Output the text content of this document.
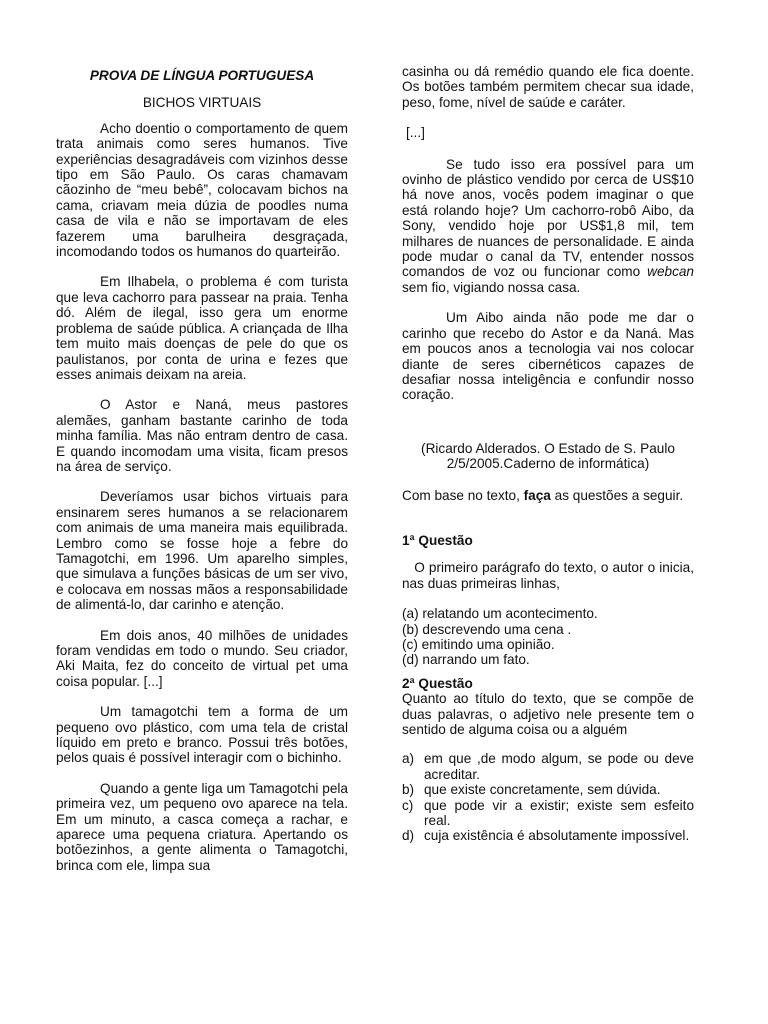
PROVA DE LÍNGUA PORTUGUESA
BICHOS VIRTUAIS

Acho doentio o comportamento de quem trata animais como seres humanos. Tive experiências desagradáveis com vizinhos desse tipo em São Paulo. Os caras chamavam cãozinho de “meu bebê”, colocavam bichos na cama, criavam meia dúzia de poodles numa casa de vila e não se importavam de eles fazerem uma barulheira desgraçada, incomodando todos os humanos do quarteirão.

Em Ilhabela, o problema é com turista que leva cachorro para passear na praia. Tenha dó. Além de ilegal, isso gera um enorme problema de saúde pública. A criançada de Ilha tem muito mais doenças de pele do que os paulistanos, por conta de urina e fezes que esses animais deixam na areia.

O Astor e Naná, meus pastores alemães, ganham bastante carinho de toda minha família. Mas não entram dentro de casa. E quando incomodam uma visita, ficam presos na área de serviço.

Deveríamos usar bichos virtuais para ensinarem seres humanos a se relacionarem com animais de uma maneira mais equilibrada. Lembro como se fosse hoje a febre do Tamagotchi, em 1996. Um aparelho simples, que simulava a funções básicas de um ser vivo, e colocava em nossas mãos a responsabilidade de alimentá-lo, dar carinho e atenção.

Em dois anos, 40 milhões de unidades foram vendidas em todo o mundo. Seu criador, Aki Maita, fez do conceito de virtual pet uma coisa popular. [...]

Um tamagotchi tem a forma de um pequeno ovo plástico, com uma tela de cristal líquido em preto e branco. Possui três botões, pelos quais é possível interagir com o bichinho.

Quando a gente liga um Tamagotchi pela primeira vez, um pequeno ovo aparece na tela. Em um minuto, a casca começa a rachar, e aparece uma pequena criatura. Apertando os botõezinhos, a gente alimenta o Tamagotchi, brinca com ele, limpa sua

casinha ou dá remédio quando ele fica doente. Os botões também permitem checar sua idade, peso, fome, nível de saúde e caráter.

[...]

Se tudo isso era possível para um ovinho de plástico vendido por cerca de US$10 há nove anos, vocês podem imaginar o que está rolando hoje? Um cachorro-robô Aibo, da Sony, vendido hoje por US$1,8 mil, tem milhares de nuances de personalidade. E ainda pode mudar o canal da TV, entender nossos comandos de voz ou funcionar como webcan sem fio, vigiando nossa casa.

Um Aibo ainda não pode me dar o carinho que recebo do Astor e da Naná. Mas em poucos anos a tecnologia vai nos colocar diante de seres cibernéticos capazes de desafiar nossa inteligência e confundir nosso coração.

(Ricardo Alderados. O Estado de S. Paulo 2/5/2005.Caderno de informática)

Com base no texto, faça as questões a seguir.

1ª Questão

O primeiro parágrafo do texto, o autor o inicia, nas duas primeiras linhas,

(a) relatando um acontecimento.
(b) descrevendo uma cena .
(c) emitindo uma opinião.
(d) narrando um fato.
2ª Questão

Quanto ao título do texto, que se compõe de duas palavras, o adjetivo nele presente tem o sentido de alguma coisa ou a alguém

a) em que ,de modo algum, se pode ou deve acreditar.
b) que existe concretamente, sem dúvida.
c) que pode vir a existir; existe sem esfeito real.
d) cuja existência é absolutamente impossível.
